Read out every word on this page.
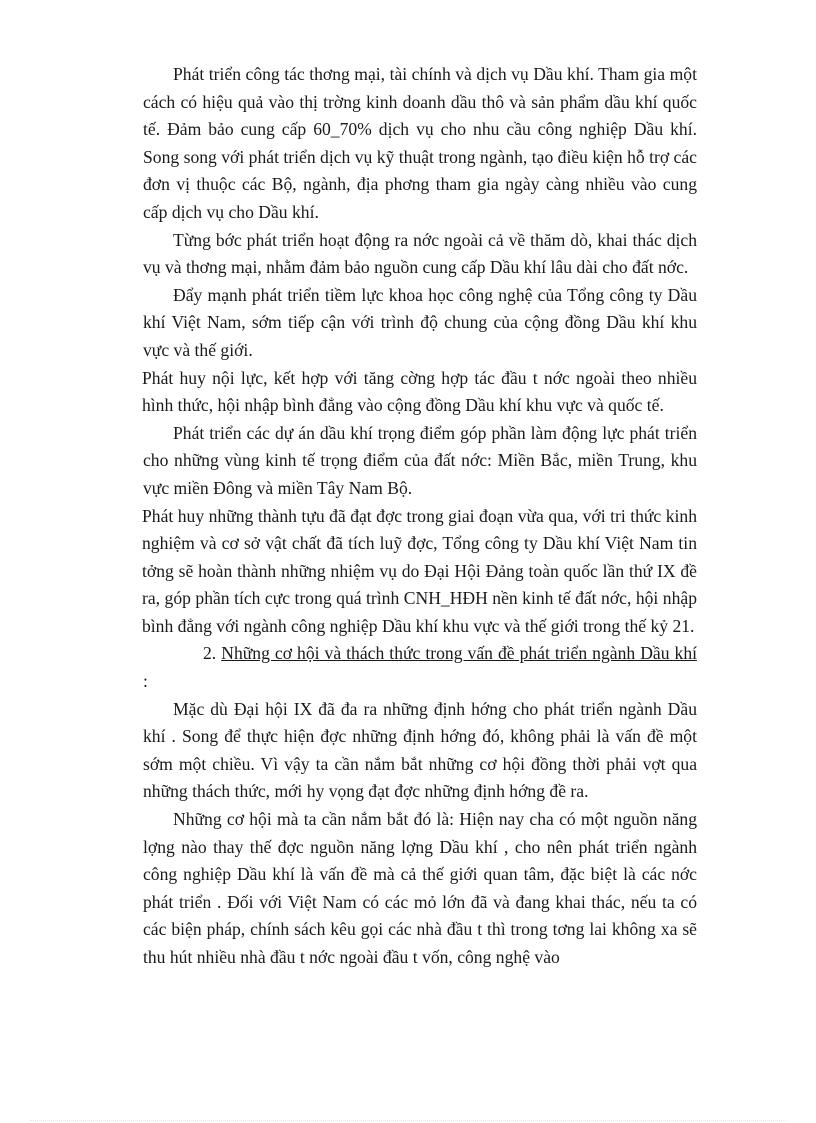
Phát triển công tác thơng mại, tài chính và dịch vụ Dầu khí. Tham gia một cách có hiệu quả vào thị trờng kinh doanh dầu thô và sản phẩm dầu khí quốc tế. Đảm bảo cung cấp 60_70% dịch vụ cho nhu cầu công nghiệp Dầu khí. Song song với phát triển dịch vụ kỹ thuật trong ngành, tạo điều kiện hỗ trợ các đơn vị thuộc các Bộ, ngành, địa phơng tham gia ngày càng nhiều vào cung cấp dịch vụ cho Dầu khí.

Từng bớc phát triển hoạt động ra nớc ngoài cả về thăm dò, khai thác dịch vụ và thơng mại, nhằm đảm bảo nguồn cung cấp Dầu khí lâu dài cho đất nớc.

Đẩy mạnh phát triển tiềm lực khoa học công nghệ của Tổng công ty Dầu khí Việt Nam, sớm tiếp cận với trình độ chung của cộng đồng Dầu khí khu vực và thế giới.

Phát huy nội lực, kết hợp với tăng cờng hợp tác đầu t nớc ngoài theo nhiều hình thức, hội nhập bình đẳng vào cộng đồng Dầu khí khu vực và quốc tế.

Phát triển các dự án dầu khí trọng điểm góp phần làm động lực phát triển cho những vùng kinh tế trọng điểm của đất nớc: Miền Bắc, miền Trung, khu vực miền Đông và miền Tây Nam Bộ.

Phát huy những thành tựu đã đạt đợc trong giai đoạn vừa qua, với tri thức kinh nghiệm và cơ sở vật chất đã tích luỹ đợc, Tổng công ty Dầu khí Việt Nam tin tởng sẽ hoàn thành những nhiệm vụ do Đại Hội Đảng toàn quốc lần thứ IX đề ra, góp phần tích cực trong quá trình CNH_HĐH nền kinh tế đất nớc, hội nhập bình đẳng với ngành công nghiệp Dầu khí khu vực và thế giới trong thế kỷ 21.

2. Những cơ hội và thách thức trong vấn đề phát triển ngành Dầu khí :

Mặc dù Đại hội IX đã đa ra những định hớng cho phát triển ngành Dầu khí . Song để thực hiện đợc những định hớng đó, không phải là vấn đề một sớm một chiều. Vì vậy ta cần nắm bắt những cơ hội đồng thời phải vợt qua những thách thức, mới hy vọng đạt đợc những định hớng đề ra.

Những cơ hội mà ta cần nắm bắt đó là: Hiện nay cha có một nguồn năng lợng nào thay thế đợc nguồn năng lợng Dầu khí , cho nên phát triển ngành công nghiệp Dầu khí là vấn đề mà cả thế giới quan tâm, đặc biệt là các nớc phát triển . Đối với Việt Nam có các mỏ lớn đã và đang khai thác, nếu ta có các biện pháp, chính sách kêu gọi các nhà đầu t thì trong tơng lai không xa sẽ thu hút nhiều nhà đầu t nớc ngoài đầu t vốn, công nghệ vào
